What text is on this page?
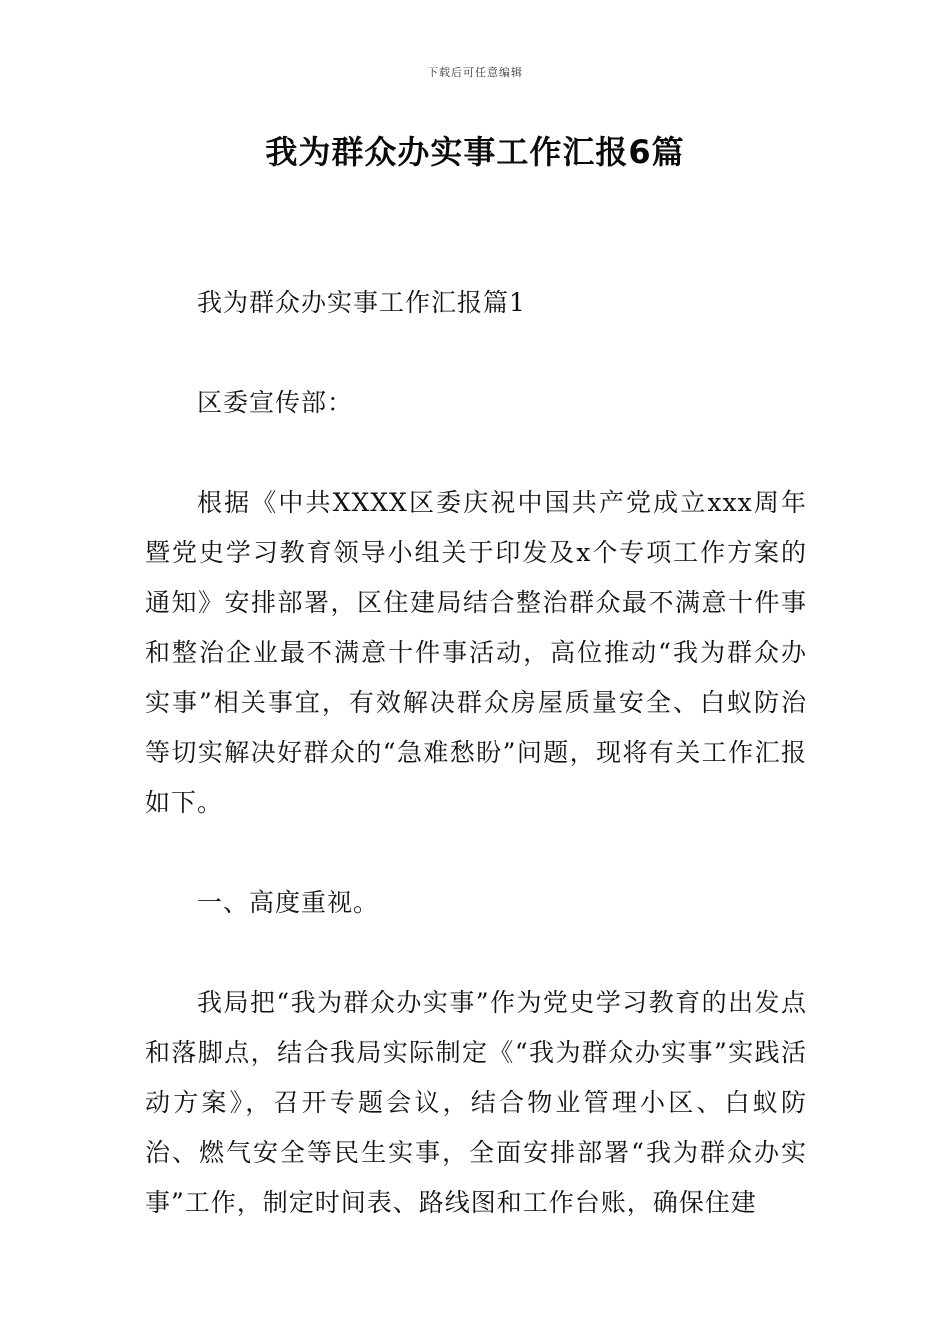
下载后可任意编辑
我为群众办实事工作汇报6篇

我为群众办实事工作汇报篇1

区委宣传部：

根据《中共XXXX区委庆祝中国共产党成立xxx周年暨党史学习教育领导小组关于印发及x个专项工作方案的通知》安排部署，区住建局结合整治群众最不满意十件事和整治企业最不满意十件事活动，高位推动“我为群众办实事”相关事宜，有效解决群众房屋质量安全、白蚁防治等切实解决好群众的“急难愁盼”问题，现将有关工作汇报如下。

一、高度重视。

我局把“我为群众办实事”作为党史学习教育的出发点和落脚点，结合我局实际制定《“我为群众办实事”实践活动方案》，召开专题会议，结合物业管理小区、白蚁防治、燃气安全等民生实事，全面安排部署“我为群众办实事”工作，制定时间表、路线图和工作台账，确保住建
